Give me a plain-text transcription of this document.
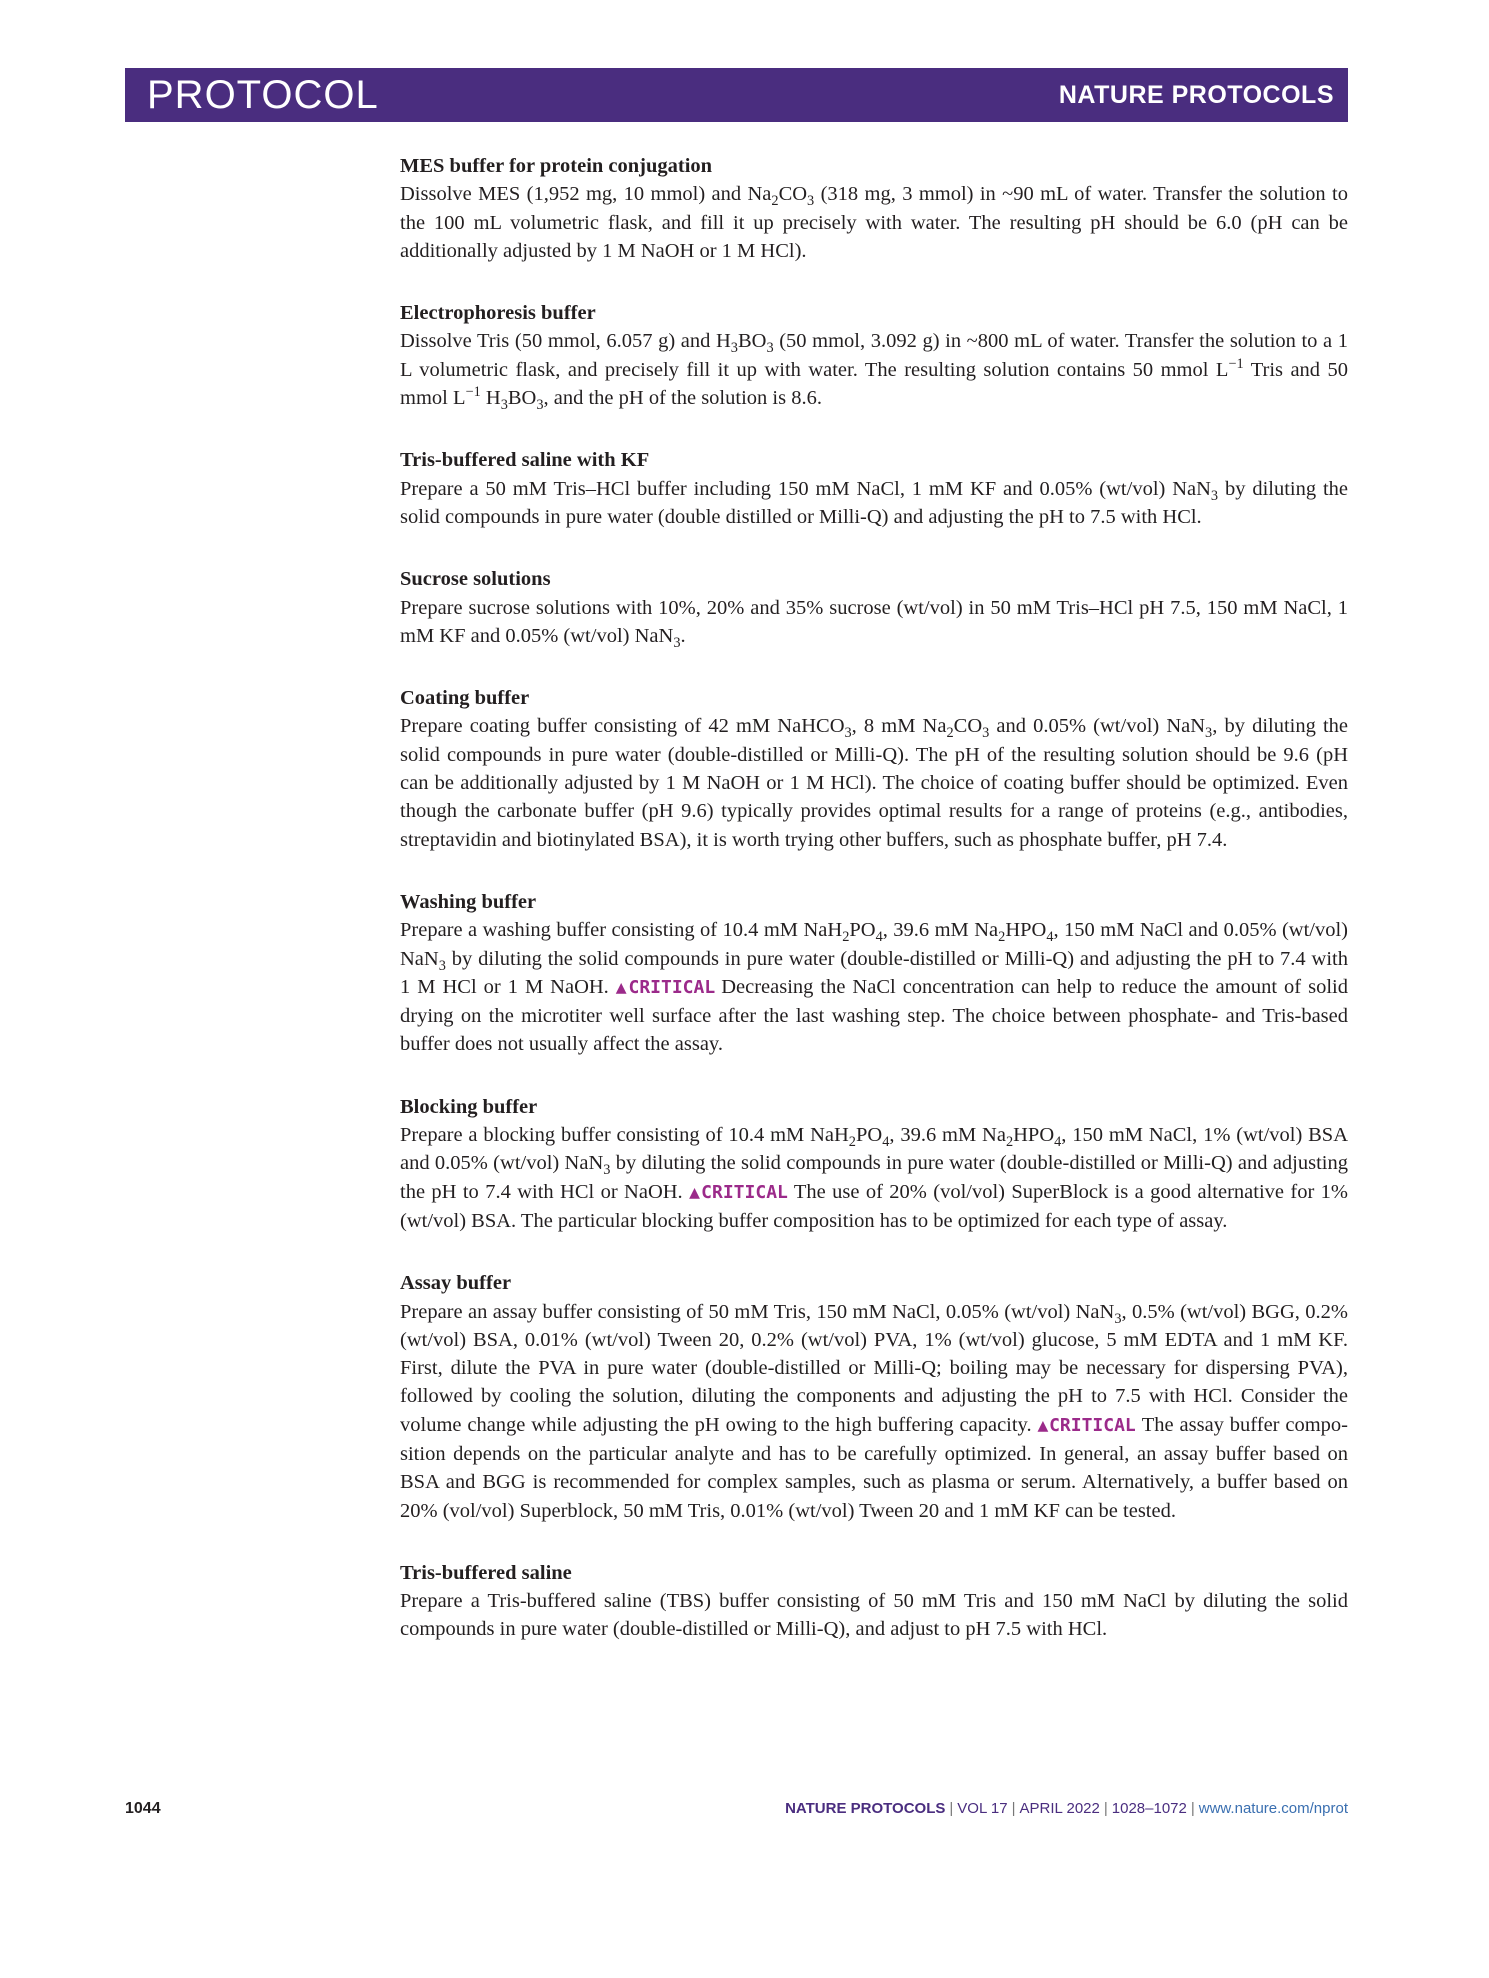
PROTOCOL	NATURE PROTOCOLS
MES buffer for protein conjugation

Dissolve MES (1,952 mg, 10 mmol) and $Na_2CO_3$ (318 mg, 3 mmol) in ~90 mL of water. Transfer the solution to the 100 mL volumetric flask, and fill it up precisely with water. The resulting pH should be 6.0 (pH can be additionally adjusted by 1 M NaOH or 1 M HCl).

Electrophoresis buffer

Dissolve Tris (50 mmol, 6.057 g) and $H_3BO_3$ (50 mmol, 3.092 g) in ~800 mL of water. Transfer the solution to a 1 L volumetric flask, and precisely fill it up with water. The resulting solution contains 50 mmol $L^{-1}$ Tris and 50 mmol $L^{-1}$ $H_3BO_3$, and the pH of the solution is 8.6.

Tris-buffered saline with KF

Prepare a 50 mM Tris–HCl buffer including 150 mM NaCl, 1 mM KF and 0.05% (wt/vol) NaN$_3$ by diluting the solid compounds in pure water (double distilled or Milli-Q) and adjusting the pH to 7.5 with HCl.

Sucrose solutions

Prepare sucrose solutions with 10%, 20% and 35% sucrose (wt/vol) in 50 mM Tris–HCl pH 7.5, 150 mM NaCl, 1 mM KF and 0.05% (wt/vol) NaN$_3$.

Coating buffer

Prepare coating buffer consisting of 42 mM NaHCO$_3$, 8 mM $Na_2CO_3$ and 0.05% (wt/vol) NaN$_3$, by diluting the solid compounds in pure water (double-distilled or Milli-Q). The pH of the resulting solution should be 9.6 (pH can be additionally adjusted by 1 M NaOH or 1 M HCl). The choice of coating buffer should be optimized. Even though the carbonate buffer (pH 9.6) typically provides optimal results for a range of proteins (e.g., antibodies, streptavidin and biotinylated BSA), it is worth trying other buffers, such as phosphate buffer, pH 7.4.

Washing buffer

Prepare a washing buffer consisting of 10.4 mM $NaH_2PO_4$, 39.6 mM $Na_2HPO_4$, 150 mM NaCl and 0.05% (wt/vol) NaN$_3$ by diluting the solid compounds in pure water (double-distilled or Milli-Q) and adjusting the pH to 7.4 with 1 M HCl or 1 M NaOH. ▲CRITICAL Decreasing the NaCl concentration can help to reduce the amount of solid drying on the microtiter well surface after the last washing step. The choice between phosphate- and Tris-based buffer does not usually affect the assay.

Blocking buffer

Prepare a blocking buffer consisting of 10.4 mM $NaH_2PO_4$, 39.6 mM $Na_2HPO_4$, 150 mM NaCl, 1% (wt/vol) BSA and 0.05% (wt/vol) NaN$_3$ by diluting the solid compounds in pure water (double-distilled or Milli-Q) and adjusting the pH to 7.4 with HCl or NaOH. ▲CRITICAL The use of 20% (vol/vol) SuperBlock is a good alternative for 1% (wt/vol) BSA. The particular blocking buffer composition has to be optimized for each type of assay.

Assay buffer

Prepare an assay buffer consisting of 50 mM Tris, 150 mM NaCl, 0.05% (wt/vol) NaN$_3$, 0.5% (wt/vol) BGG, 0.2% (wt/vol) BSA, 0.01% (wt/vol) Tween 20, 0.2% (wt/vol) PVA, 1% (wt/vol) glucose, 5 mM EDTA and 1 mM KF. First, dilute the PVA in pure water (double-distilled or Milli-Q; boiling may be necessary for dispersing PVA), followed by cooling the solution, diluting the components and adjusting the pH to 7.5 with HCl. Consider the volume change while adjusting the pH owing to the high buffering capacity. ▲CRITICAL The assay buffer composition depends on the particular analyte and has to be carefully optimized. In general, an assay buffer based on BSA and BGG is recommended for complex samples, such as plasma or serum. Alternatively, a buffer based on 20% (vol/vol) Superblock, 50 mM Tris, 0.01% (wt/vol) Tween 20 and 1 mM KF can be tested.

Tris-buffered saline

Prepare a Tris-buffered saline (TBS) buffer consisting of 50 mM Tris and 150 mM NaCl by diluting the solid compounds in pure water (double-distilled or Milli-Q), and adjust to pH 7.5 with HCl.

1044	NATURE PROTOCOLS | VOL 17 | APRIL 2022 | 1028–1072 | www.nature.com/nprot
